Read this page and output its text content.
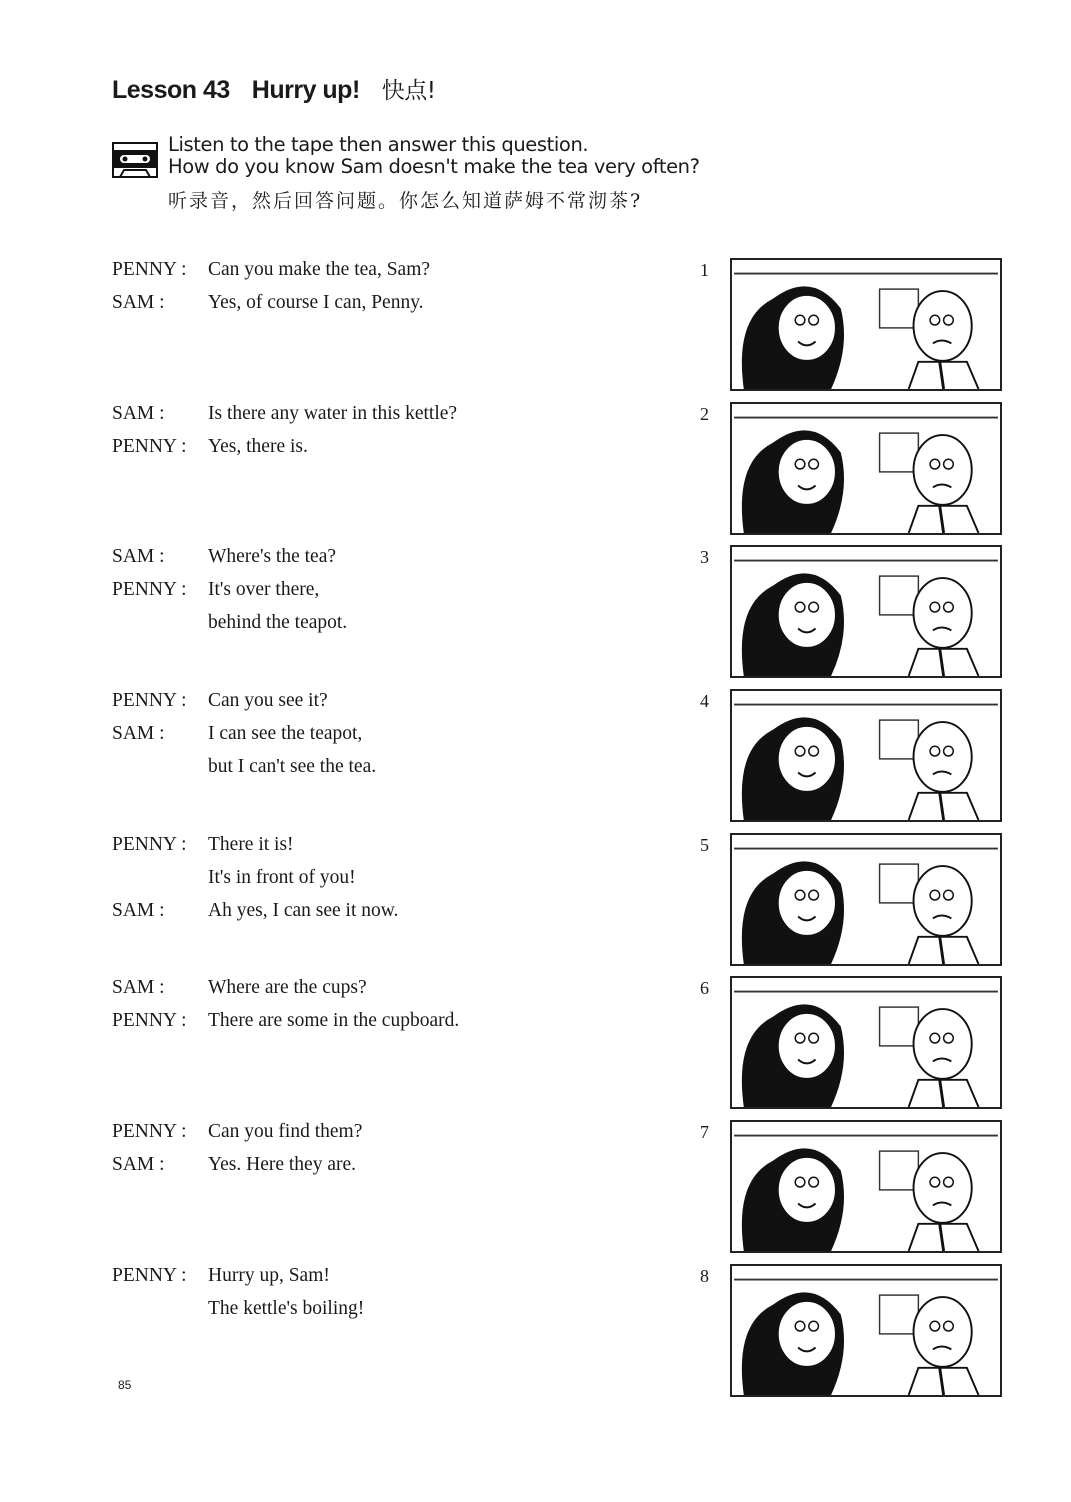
Lesson 43 Hurry up! 快点!
Listen to the tape then answer this question.
How do you know Sam doesn't make the tea very often?
听录音，然后回答问题。你怎么知道萨姆不常沏茶?
PENNY :	Can you make the tea, Sam?
SAM :	Yes, of course I can, Penny.
1
SAM :	Is there any water in this kettle?
PENNY :	Yes, there is.
2
SAM :	Where's the tea?
PENNY :	It's over there,
behind the teapot.
3
PENNY :	Can you see it?
SAM :	I can see the teapot,
but I can't see the tea.
4
PENNY :	There it is!
It's in front of you!
SAM :	Ah yes, I can see it now.
5
SAM :	Where are the cups?
PENNY :	There are some in the cupboard.
6
PENNY :	Can you find them?
SAM :	Yes. Here they are.
7
PENNY :	Hurry up, Sam!
The kettle's boiling!
8
85
